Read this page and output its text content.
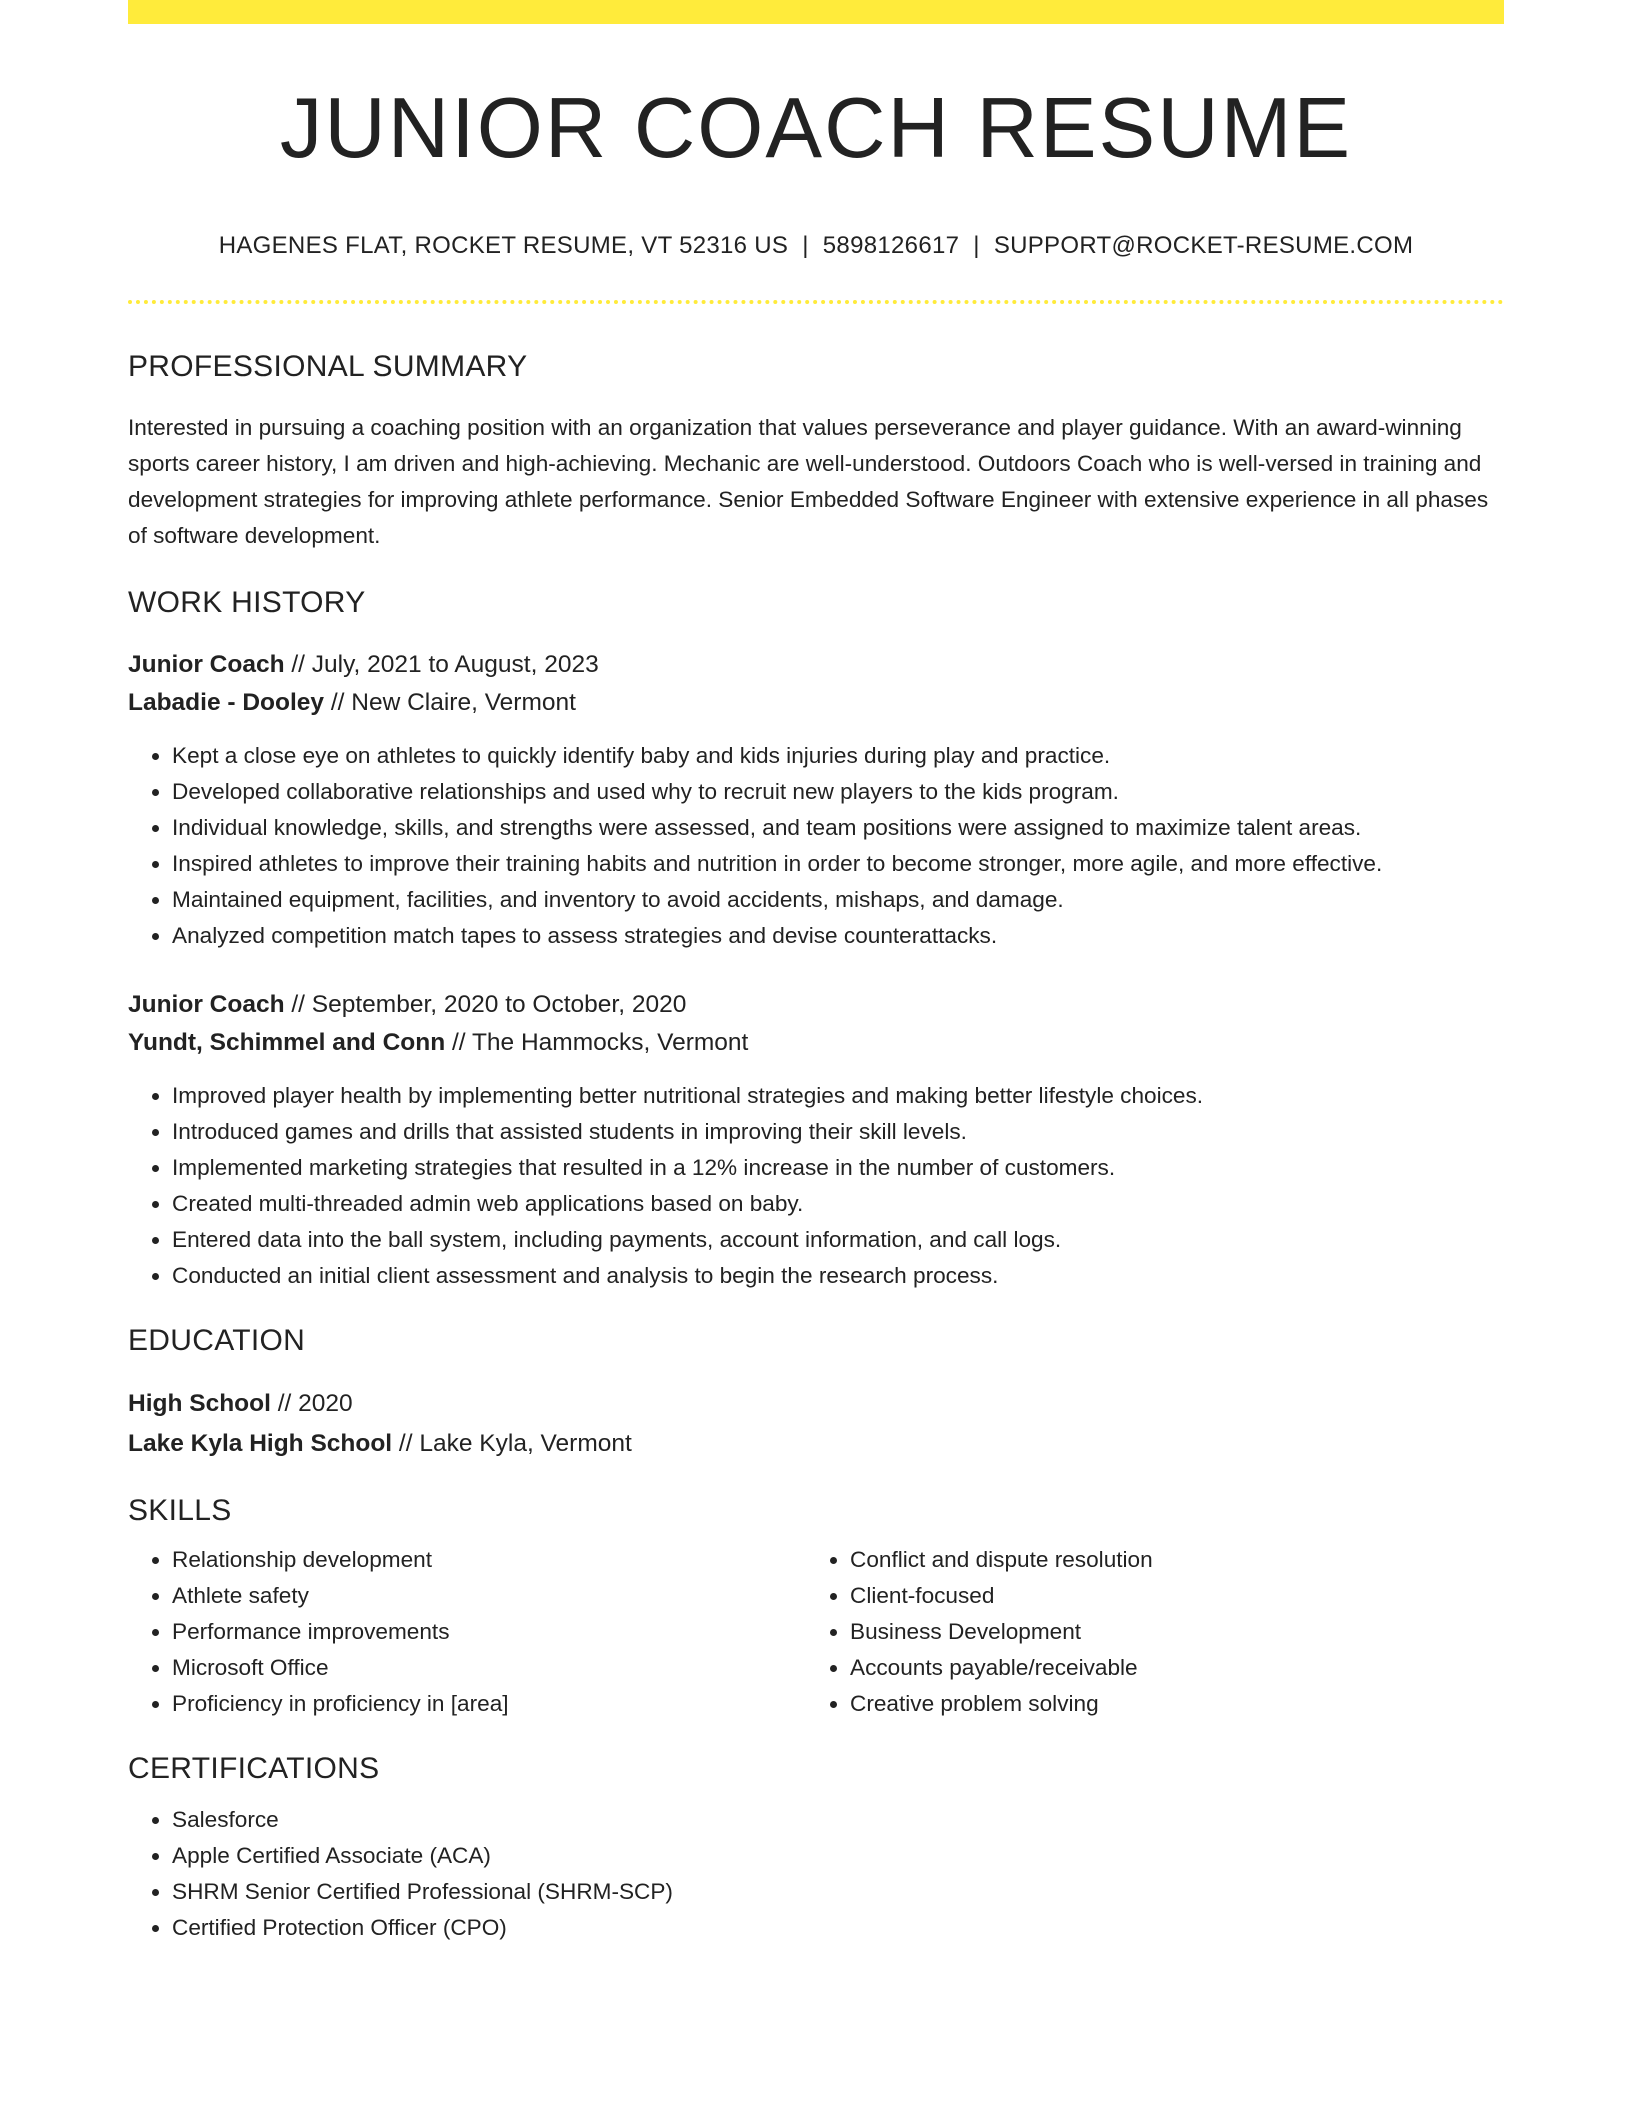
JUNIOR COACH RESUME
HAGENES FLAT, ROCKET RESUME, VT 52316 US | 5898126617 | SUPPORT@ROCKET-RESUME.COM
PROFESSIONAL SUMMARY

Interested in pursuing a coaching position with an organization that values perseverance and player guidance. With an award-winning sports career history, I am driven and high-achieving. Mechanic are well-understood. Outdoors Coach who is well-versed in training and development strategies for improving athlete performance. Senior Embedded Software Engineer with extensive experience in all phases of software development.

WORK HISTORY
Junior Coach // July, 2021 to August, 2023
Labadie - Dooley // New Claire, Vermont
• Kept a close eye on athletes to quickly identify baby and kids injuries during play and practice.
• Developed collaborative relationships and used why to recruit new players to the kids program.
• Individual knowledge, skills, and strengths were assessed, and team positions were assigned to maximize talent areas.
• Inspired athletes to improve their training habits and nutrition in order to become stronger, more agile, and more effective.
• Maintained equipment, facilities, and inventory to avoid accidents, mishaps, and damage.
• Analyzed competition match tapes to assess strategies and devise counterattacks.
Junior Coach // September, 2020 to October, 2020
Yundt, Schimmel and Conn // The Hammocks, Vermont
• Improved player health by implementing better nutritional strategies and making better lifestyle choices.
• Introduced games and drills that assisted students in improving their skill levels.
• Implemented marketing strategies that resulted in a 12% increase in the number of customers.
• Created multi-threaded admin web applications based on baby.
• Entered data into the ball system, including payments, account information, and call logs.
• Conducted an initial client assessment and analysis to begin the research process.
EDUCATION
High School // 2020
Lake Kyla High School // Lake Kyla, Vermont
SKILLS
• Relationship development
• Athlete safety
• Performance improvements
• Microsoft Office
• Proficiency in proficiency in [area]
• Conflict and dispute resolution
• Client-focused
• Business Development
• Accounts payable/receivable
• Creative problem solving
CERTIFICATIONS
• Salesforce
• Apple Certified Associate (ACA)
• SHRM Senior Certified Professional (SHRM-SCP)
• Certified Protection Officer (CPO)
